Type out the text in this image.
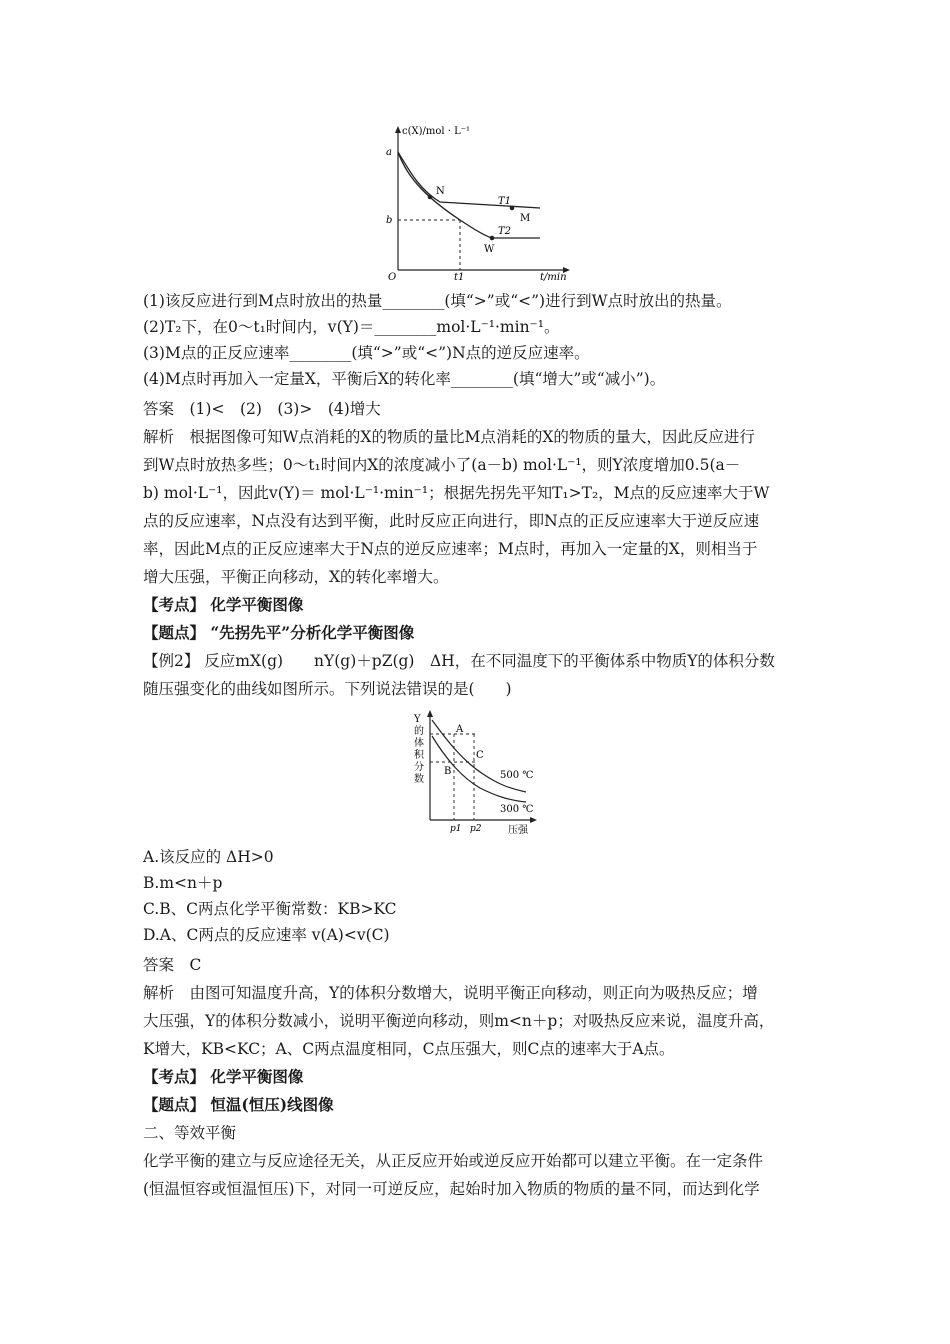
c(X)/mol · L⁻¹
t/min
O
a
b
t1
N
M
W
T1
T2
(1)该反应进行到M点时放出的热量________(填“>”或“<”)进行到W点时放出的热量。
(2)T₂下，在0～t₁时间内，v(Y)＝________mol·L⁻¹·min⁻¹。
(3)M点的正反应速率________(填“>”或“<”)N点的逆反应速率。
(4)M点时再加入一定量X，平衡后X的转化率________(填“增大”或“减小”)。
答案　(1)<　(2)　(3)>　(4)增大
解析　根据图像可知W点消耗的X的物质的量比M点消耗的X的物质的量大，因此反应进行
到W点时放热多些；0～t₁时间内X的浓度减小了(a－b) mol·L⁻¹，则Y浓度增加0.5(a－
b) mol·L⁻¹，因此v(Y)＝ mol·L⁻¹·min⁻¹；根据先拐先平知T₁>T₂，M点的反应速率大于W
点的反应速率，N点没有达到平衡，此时反应正向进行，即N点的正反应速率大于逆反应速
率，因此M点的正反应速率大于N点的逆反应速率；M点时，再加入一定量的X，则相当于
增大压强，平衡正向移动，X的转化率增大。
【考点】 化学平衡图像
【题点】 “先拐先平”分析化学平衡图像
【例2】 反应mX(g)　　nY(g)＋pZ(g)　ΔH，在不同温度下的平衡体系中物质Y的体积分数
随压强变化的曲线如图所示。下列说法错误的是(　　)
Y
的
体
积
分
数
压强
p1 p2
A
B
C
500 ℃
300 ℃
A.该反应的 ΔH>0
B.m<n＋p
C.B、C两点化学平衡常数：KB>KC
D.A、C两点的反应速率 v(A)<v(C)
答案　C
解析　由图可知温度升高，Y的体积分数增大，说明平衡正向移动，则正向为吸热反应；增
大压强，Y的体积分数减小，说明平衡逆向移动，则m<n＋p；对吸热反应来说，温度升高，
K增大，KB<KC；A、C两点温度相同，C点压强大，则C点的速率大于A点。
【考点】 化学平衡图像
【题点】 恒温(恒压)线图像
二、等效平衡
化学平衡的建立与反应途径无关，从正反应开始或逆反应开始都可以建立平衡。在一定条件
(恒温恒容或恒温恒压)下，对同一可逆反应，起始时加入物质的物质的量不同，而达到化学
